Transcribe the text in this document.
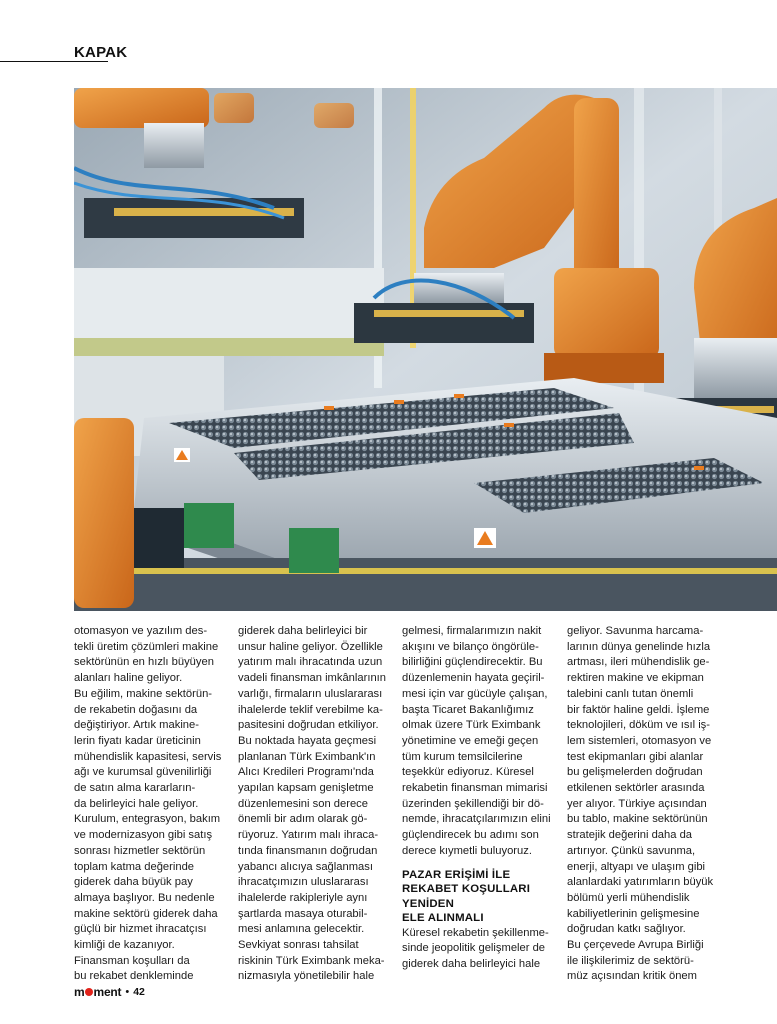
KAPAK

otomasyon ve yazılım des-
tekli üretim çözümleri makine
sektörünün en hızlı büyüyen
alanları haline geliyor.
Bu eğilim, makine sektörün-
de rekabetin doğasını da
değiştiriyor. Artık makine-
lerin fiyatı kadar üreticinin
mühendislik kapasitesi, servis
ağı ve kurumsal güvenilirliği
de satın alma kararların-
da belirleyici hale geliyor.
Kurulum, entegrasyon, bakım
ve modernizasyon gibi satış
sonrası hizmetler sektörün
toplam katma değerinde
giderek daha büyük pay
almaya başlıyor. Bu nedenle
makine sektörü giderek daha
güçlü bir hizmet ihracatçısı
kimliği de kazanıyor.
Finansman koşulları da
bu rekabet denkleminde

giderek daha belirleyici bir
unsur haline geliyor. Özellikle
yatırım malı ihracatında uzun
vadeli finansman imkânlarının
varlığı, firmaların uluslararası
ihalelerde teklif verebilme ka-
pasitesini doğrudan etkiliyor.
Bu noktada hayata geçmesi
planlanan Türk Eximbank'ın
Alıcı Kredileri Programı'nda
yapılan kapsam genişletme
düzenlemesini son derece
önemli bir adım olarak gö-
rüyoruz. Yatırım malı ihraca-
tında finansmanın doğrudan
yabancı alıcıya sağlanması
ihracatçımızın uluslararası
ihalelerde rakipleriyle aynı
şartlarda masaya oturabil-
mesi anlamına gelecektir.
Sevkiyat sonrası tahsilat
riskinin Türk Eximbank meka-
nizmasıyla yönetilebilir hale

gelmesi, firmalarımızın nakit
akışını ve bilanço öngörüle-
bilirliğini güçlendirecektir. Bu
düzenlemenin hayata geçiril-
mesi için var gücüyle çalışan,
başta Ticaret Bakanlığımız
olmak üzere Türk Eximbank
yönetimine ve emeği geçen
tüm kurum temsilcilerine
teşekkür ediyoruz. Küresel
rekabetin finansman mimarisi
üzerinden şekillendiği bir dö-
nemde, ihracatçılarımızın elini
güçlendirecek bu adımı son
derece kıymetli buluyoruz.

PAZAR ERİŞİMİ İLE
REKABET KOŞULLARI
YENİDEN
ELE ALINMALI

Küresel rekabetin şekillenme-
sinde jeopolitik gelişmeler de
giderek daha belirleyici hale

geliyor. Savunma harcama-
larının dünya genelinde hızla
artması, ileri mühendislik ge-
rektiren makine ve ekipman
talebini canlı tutan önemli
bir faktör haline geldi. İşleme
teknolojileri, döküm ve ısıl iş-
lem sistemleri, otomasyon ve
test ekipmanları gibi alanlar
bu gelişmelerden doğrudan
etkilenen sektörler arasında
yer alıyor. Türkiye açısından
bu tablo, makine sektörünün
stratejik değerini daha da
artırıyor. Çünkü savunma,
enerji, altyapı ve ulaşım gibi
alanlardaki yatırımların büyük
bölümü yerli mühendislik
kabiliyetlerinin gelişmesine
doğrudan katkı sağlıyor.
Bu çerçevede Avrupa Birliği
ile ilişkilerimiz de sektörü-
müz açısından kritik önem

m ment • 42
